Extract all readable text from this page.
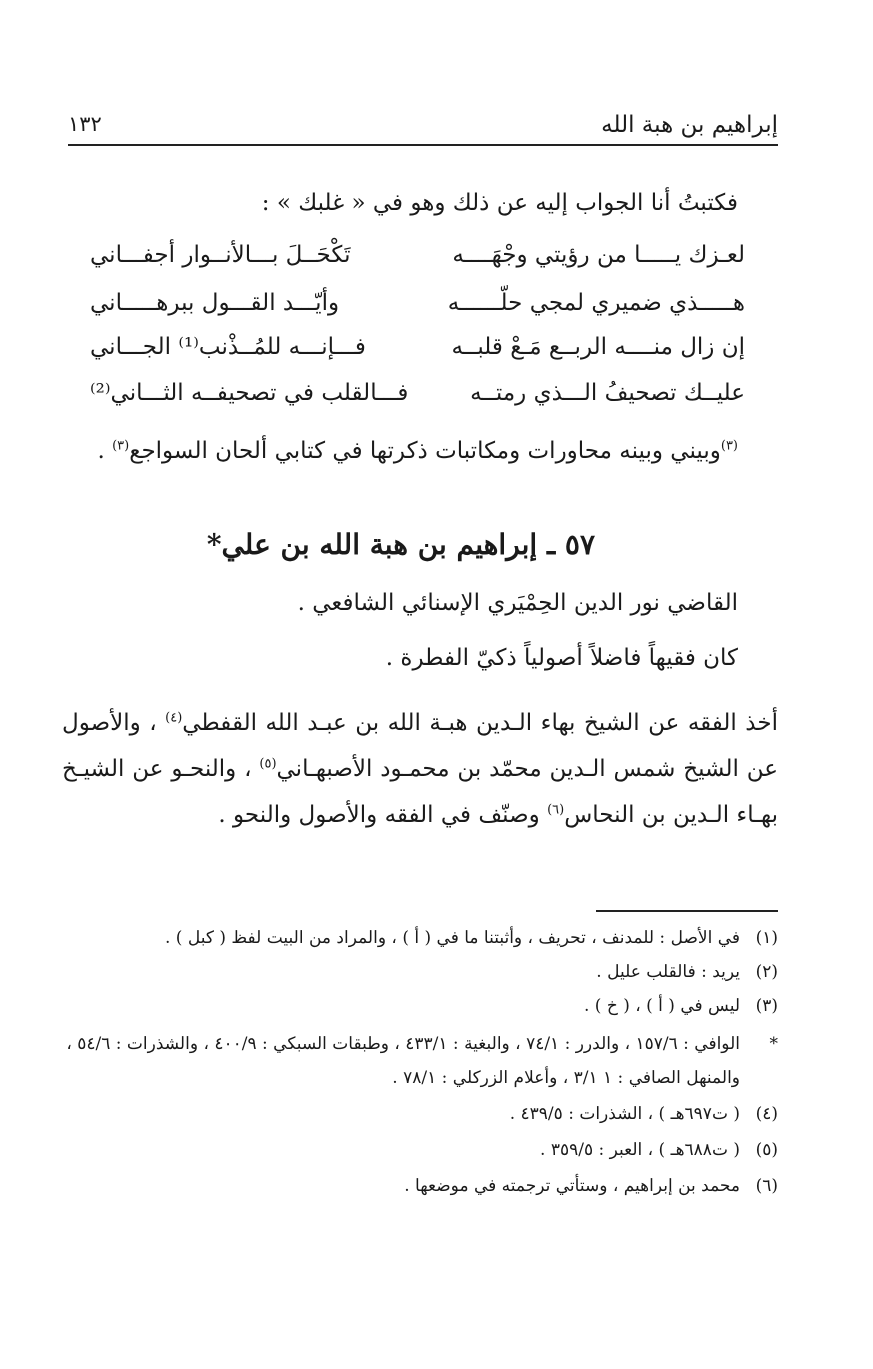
إبراهيم بن هبة الله
١٣٢
فكتبتُ أنا الجواب إليه عن ذلك وهو في « غلبك » :
لعـزك يـــــا من رؤيتي وجْهَــــه
تَكْحَــلَ بـــالأنــوار أجفـــاني
هـــــذي ضميري لمجي حلّــــــه
وأيّـــد القـــول ببرهـــــاني
إن زال منــــه الربــع مَـعْ قلبــه
فـــإنـــه للمُــذْنب⁽¹⁾ الجـــاني
عليــك تصحيفُ الـــذي رمتــه
فـــالقلب في تصحيفــه الثـــاني⁽²⁾
$^{(٣)}$وبيني وبينه محاورات ومكاتبات ذكرتها في كتابي ألحان السواجع$^{(٣)}$ .
٥٧ ـ إبراهيم بن هبة الله بن علي*
القاضي نور الدين الحِمْيَري الإسنائي الشافعي .
كان فقيهاً فاضلاً أصولياً ذكيّ الفطرة .
أخذ الفقه عن الشيخ بهاء الـدين هبـة الله بن عبـد الله القفطي$^{(٤)}$ ، والأصول عن الشيخ شمس الـدين محمّد بن محمـود الأصبهـاني$^{(٥)}$ ، والنحـو عن الشيـخ بهـاء الـدين بن النحاس$^{(٦)}$ وصنّف في الفقه والأصول والنحو .
(١)في الأصل : للمدنف ، تحريف ، وأثبتنا ما في ( أ ) ، والمراد من البيت لفظ ( كبل ) .
(٢)يريد : فالقلب عليل .
(٣)ليس في ( أ ) ، ( خ ) .
*الوافي : ١٥٧/٦ ، والدرر : ٧٤/١ ، والبغية : ٤٣٣/١ ، وطبقات السبكي : ٤٠٠/٩ ، والشذرات : ٥٤/٦ ،
والمنهل الصافي : ١ ٣/١ ، وأعلام الزركلي : ٧٨/١ .
(٤)( ت٦٩٧هـ ) ، الشذرات : ٤٣٩/٥ .
(٥)( ت٦٨٨هـ ) ، العبر : ٣٥٩/٥ .
(٦)محمد بن إبراهيم ، وستأتي ترجمته في موضعها .
